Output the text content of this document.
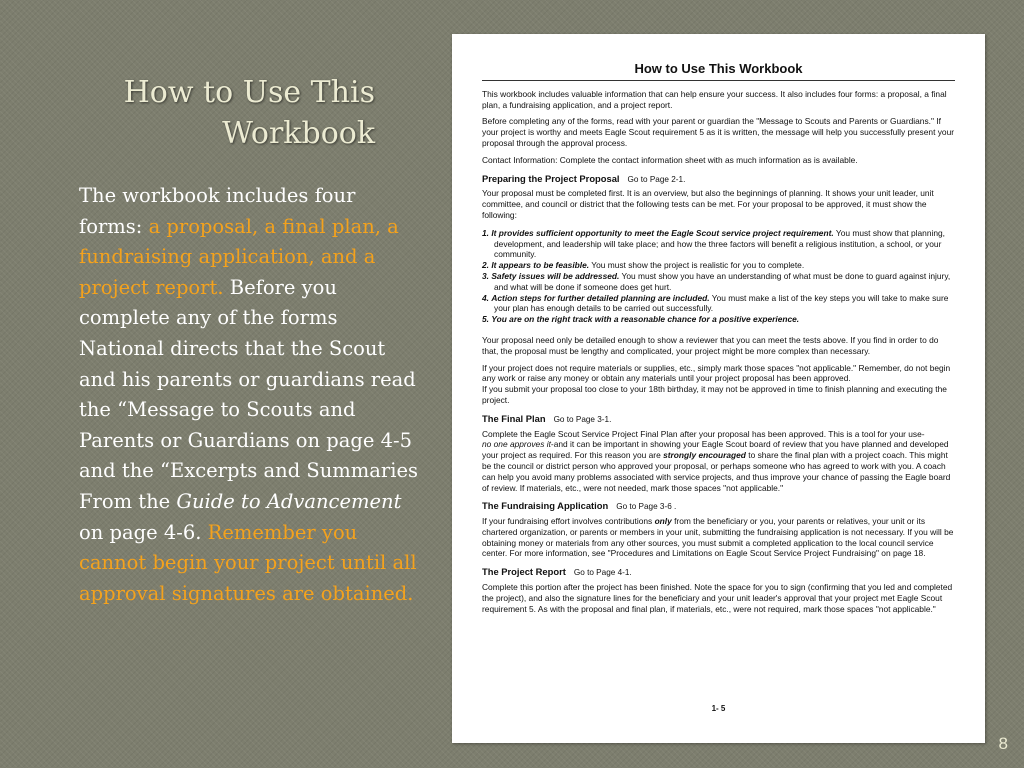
How to Use This Workbook

The workbook includes four forms: a proposal, a final plan, a fundraising application, and a project report. Before you complete any of the forms National directs that the Scout and his parents or guardians read the “Message to Scouts and Parents or Guardians on page 4-5 and the “Excerpts and Summaries From the Guide to Advancement on page 4-6. Remember you cannot begin your project until all approval signatures are obtained.

How to Use This Workbook

This workbook includes valuable information that can help ensure your success. It also includes four forms: a proposal, a final plan, a fundraising application, and a project report.

Before completing any of the forms, read with your parent or guardian the "Message to Scouts and Parents or Guardians." If your project is worthy and meets Eagle Scout requirement 5 as it is written, the message will help you successfully present your proposal through the approval process.

Contact Information: Complete the contact information sheet with as much information as is available.

Preparing the Project Proposal Go to Page 2-1.

Your proposal must be completed first. It is an overview, but also the beginnings of planning. It shows your unit leader, unit committee, and council or district that the following tests can be met. For your proposal to be approved, it must show the following:

1. It provides sufficient opportunity to meet the Eagle Scout service project requirement. You must show that planning, development, and leadership will take place; and how the three factors will benefit a religious institution, a school, or your community.
2. It appears to be feasible. You must show the project is realistic for you to complete.
3. Safety issues will be addressed. You must show you have an understanding of what must be done to guard against injury, and what will be done if someone does get hurt.
4. Action steps for further detailed planning are included. You must make a list of the key steps you will take to make sure your plan has enough details to be carried out successfully.
5. You are on the right track with a reasonable chance for a positive experience.

Your proposal need only be detailed enough to show a reviewer that you can meet the tests above. If you find in order to do that, the proposal must be lengthy and complicated, your project might be more complex than necessary.

If your project does not require materials or supplies, etc., simply mark those spaces "not applicable." Remember, do not begin any work or raise any money or obtain any materials until your project proposal has been approved.

If you submit your proposal too close to your 18th birthday, it may not be approved in time to finish planning and executing the project.

The Final Plan Go to Page 3-1.

Complete the Eagle Scout Service Project Final Plan after your proposal has been approved. This is a tool for your use-
no one approves it-and it can be important in showing your Eagle Scout board of review that you have planned and developed your project as required. For this reason you are strongly encouraged to share the final plan with a project coach. This might be the council or district person who approved your proposal, or perhaps someone who has agreed to work with you. A coach can help you avoid many problems associated with service projects, and thus improve your chance of passing the Eagle board of review. If materials, etc., were not needed, mark those spaces "not applicable."

The Fundraising Application Go to Page 3-6 .

If your fundraising effort involves contributions only from the beneficiary or you, your parents or relatives, your unit or its chartered organization, or parents or members in your unit, submitting the fundraising application is not necessary. If you will be obtaining money or materials from any other sources, you must submit a completed application to the local council service center. For more information, see "Procedures and Limitations on Eagle Scout Service Project Fundraising" on page 18.

The Project Report Go to Page 4-1.

Complete this portion after the project has been finished. Note the space for you to sign (confirming that you led and completed the project), and also the signature lines for the beneficiary and your unit leader's approval that your project met Eagle Scout requirement 5. As with the proposal and final plan, if materials, etc., were not required, mark those spaces "not applicable."

1- 5
8
